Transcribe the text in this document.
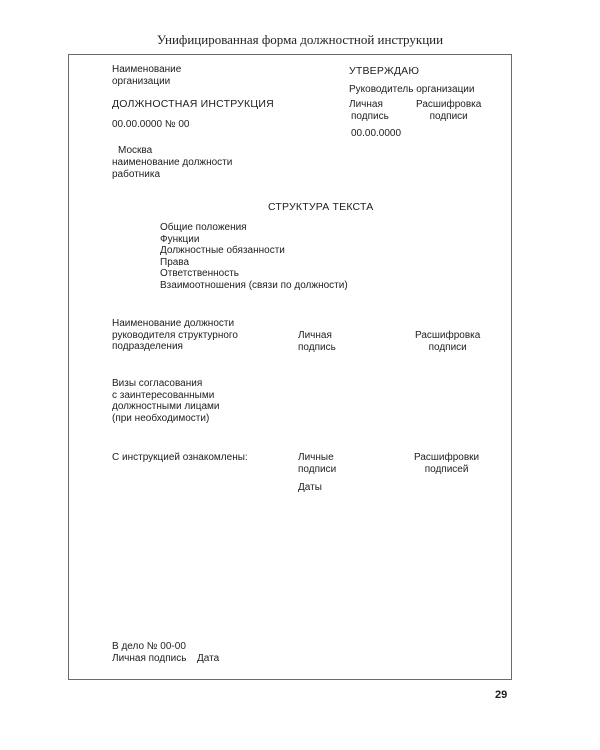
Унифицированная форма должностной инструкции
Наименование
организации
УТВЕРЖДАЮ
Руководитель организации
Личная
подпись
Расшифровка
подписи
00.00.0000
ДОЛЖНОСТНАЯ ИНСТРУКЦИЯ
00.00.0000 № 00
Москва
наименование должности
работника
СТРУКТУРА ТЕКСТА
Общие положения
Функции
Должностные обязанности
Права
Ответственность
Взаимоотношения (связи по должности)
Наименование должности
руководителя структурного
подразделения
Личная
подпись
Расшифровка
подписи
Визы согласования
с заинтересованными
должностными лицами
(при необходимости)
С инструкцией ознакомлены:	Личные
подписи
Расшифровки
подписей
Даты
В дело № 00-00
Личная подпись Дата
29
